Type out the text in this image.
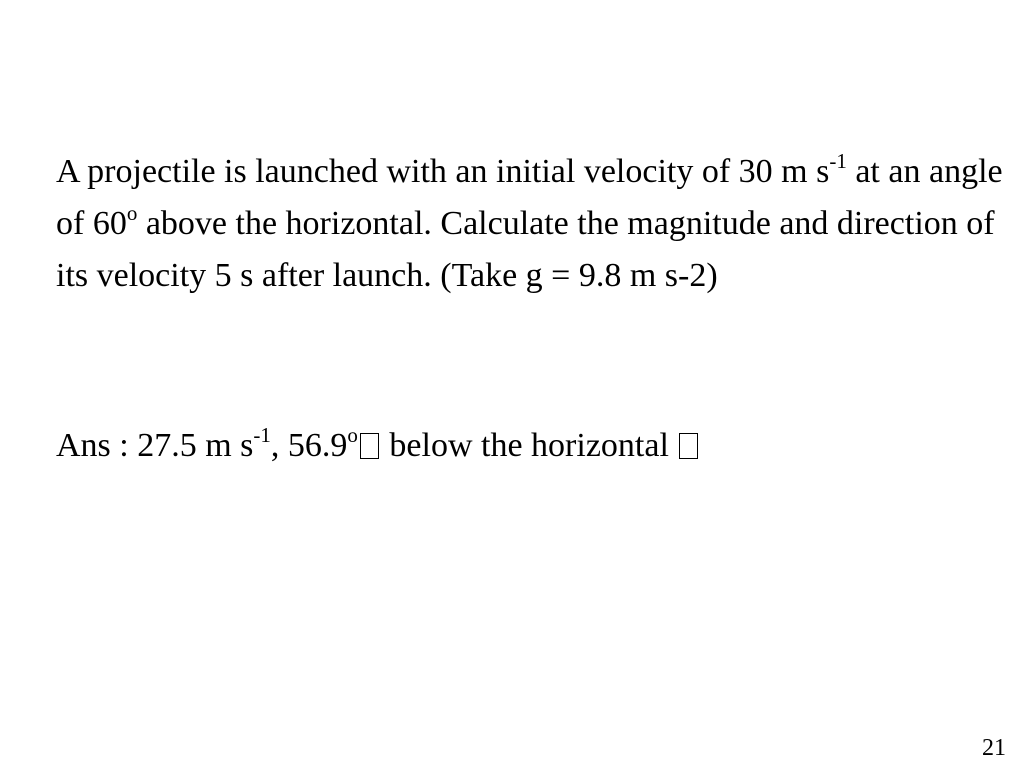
A projectile is launched with an initial velocity of 30 m $s^{-1}$ at an angle of 60$^o$ above the horizontal. Calculate the magnitude and direction of its velocity 5 s after launch. (Take g = 9.8 m s-2)

Ans : 27.5 m $s^{-1}$, 56.9$^o$ below the horizontal

21
